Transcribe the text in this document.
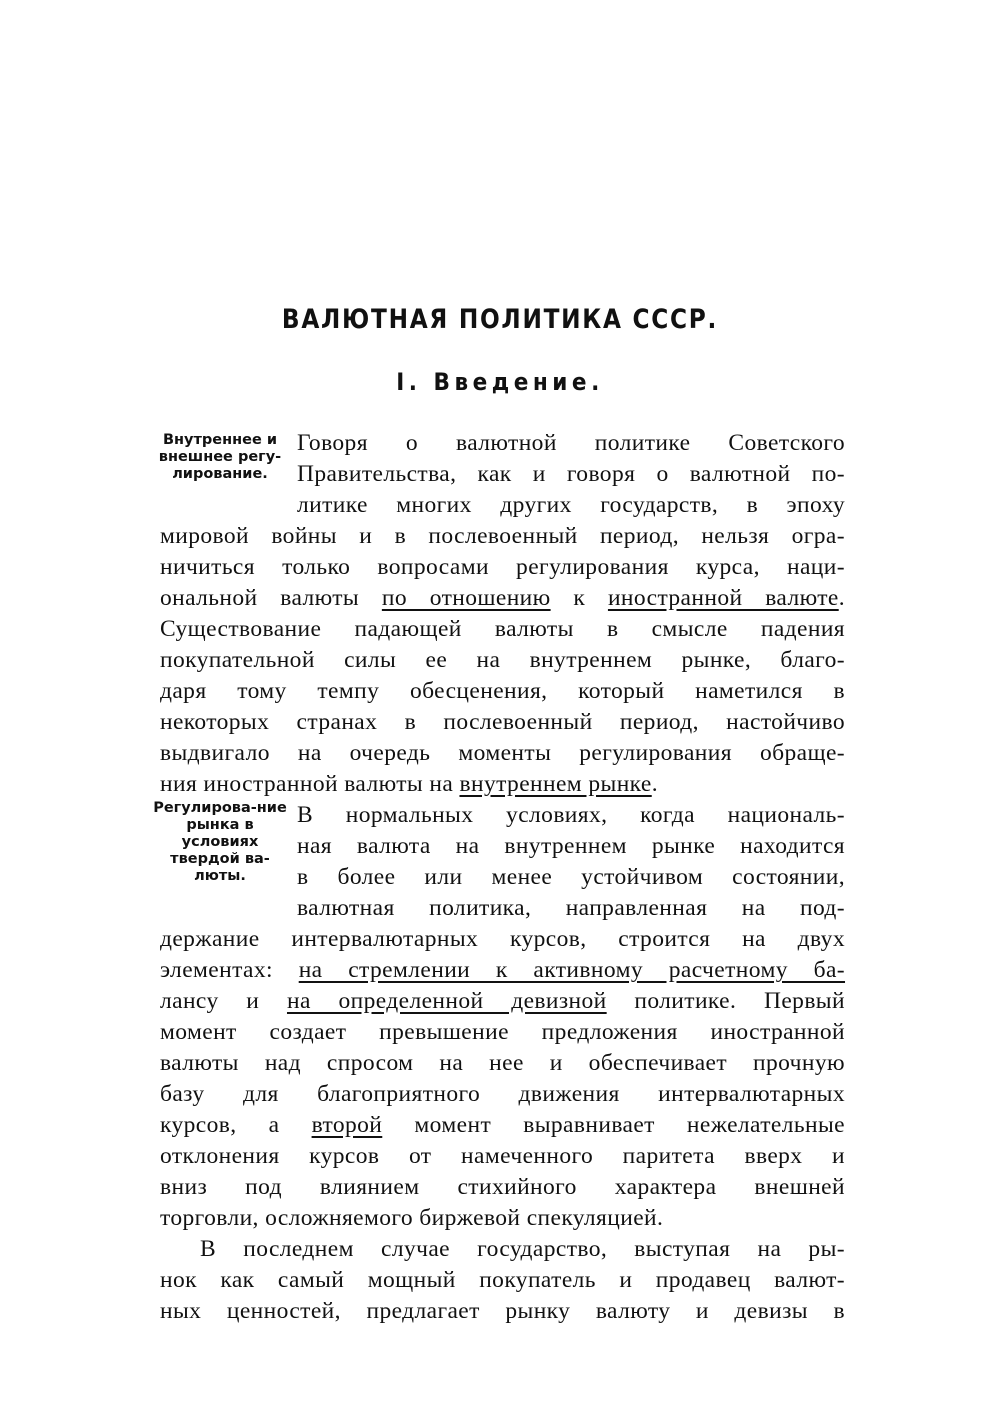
ВАЛЮТНАЯ ПОЛИТИКА СССР.
I. Введение.
Внутреннее и внешнее регу-лирование.
Регулирова-ние рынка в условиях твердой ва-люты.
Говоря о валютной политике Советского
Правительства, как и говоря о валютной по-
литике многих других государств, в эпоху
мировой войны и в послевоенный период, нельзя огра-
ничиться только вопросами регулирования курса, наци-
ональной валюты по отношению к иностранной валюте.
Существование падающей валюты в смысле падения
покупательной силы ее на внутреннем рынке, благо-
даря тому темпу обесценения, который наметился в
некоторых странах в послевоенный период, настойчиво
выдвигало на очередь моменты регулирования обраще-
ния иностранной валюты на внутреннем рынке.
В нормальных условиях, когда националь-
ная валюта на внутреннем рынке находится
в более или менее устойчивом состоянии,
валютная политика, направленная на под-
держание интервалютарных курсов, строится на двух
элементах: на стремлении к активному расчетному ба-
лансу и на определенной девизной политике. Первый
момент создает превышение предложения иностранной
валюты над спросом на нее и обеспечивает прочную
базу для благоприятного движения интервалютарных
курсов, а второй момент выравнивает нежелательные
отклонения курсов от намеченного паритета вверх и
вниз под влиянием стихийного характера внешней
торговли, осложняемого биржевой спекуляцией.
В последнем случае государство, выступая на ры-
нок как самый мощный покупатель и продавец валют-
ных ценностей, предлагает рынку валюту и девизы в
